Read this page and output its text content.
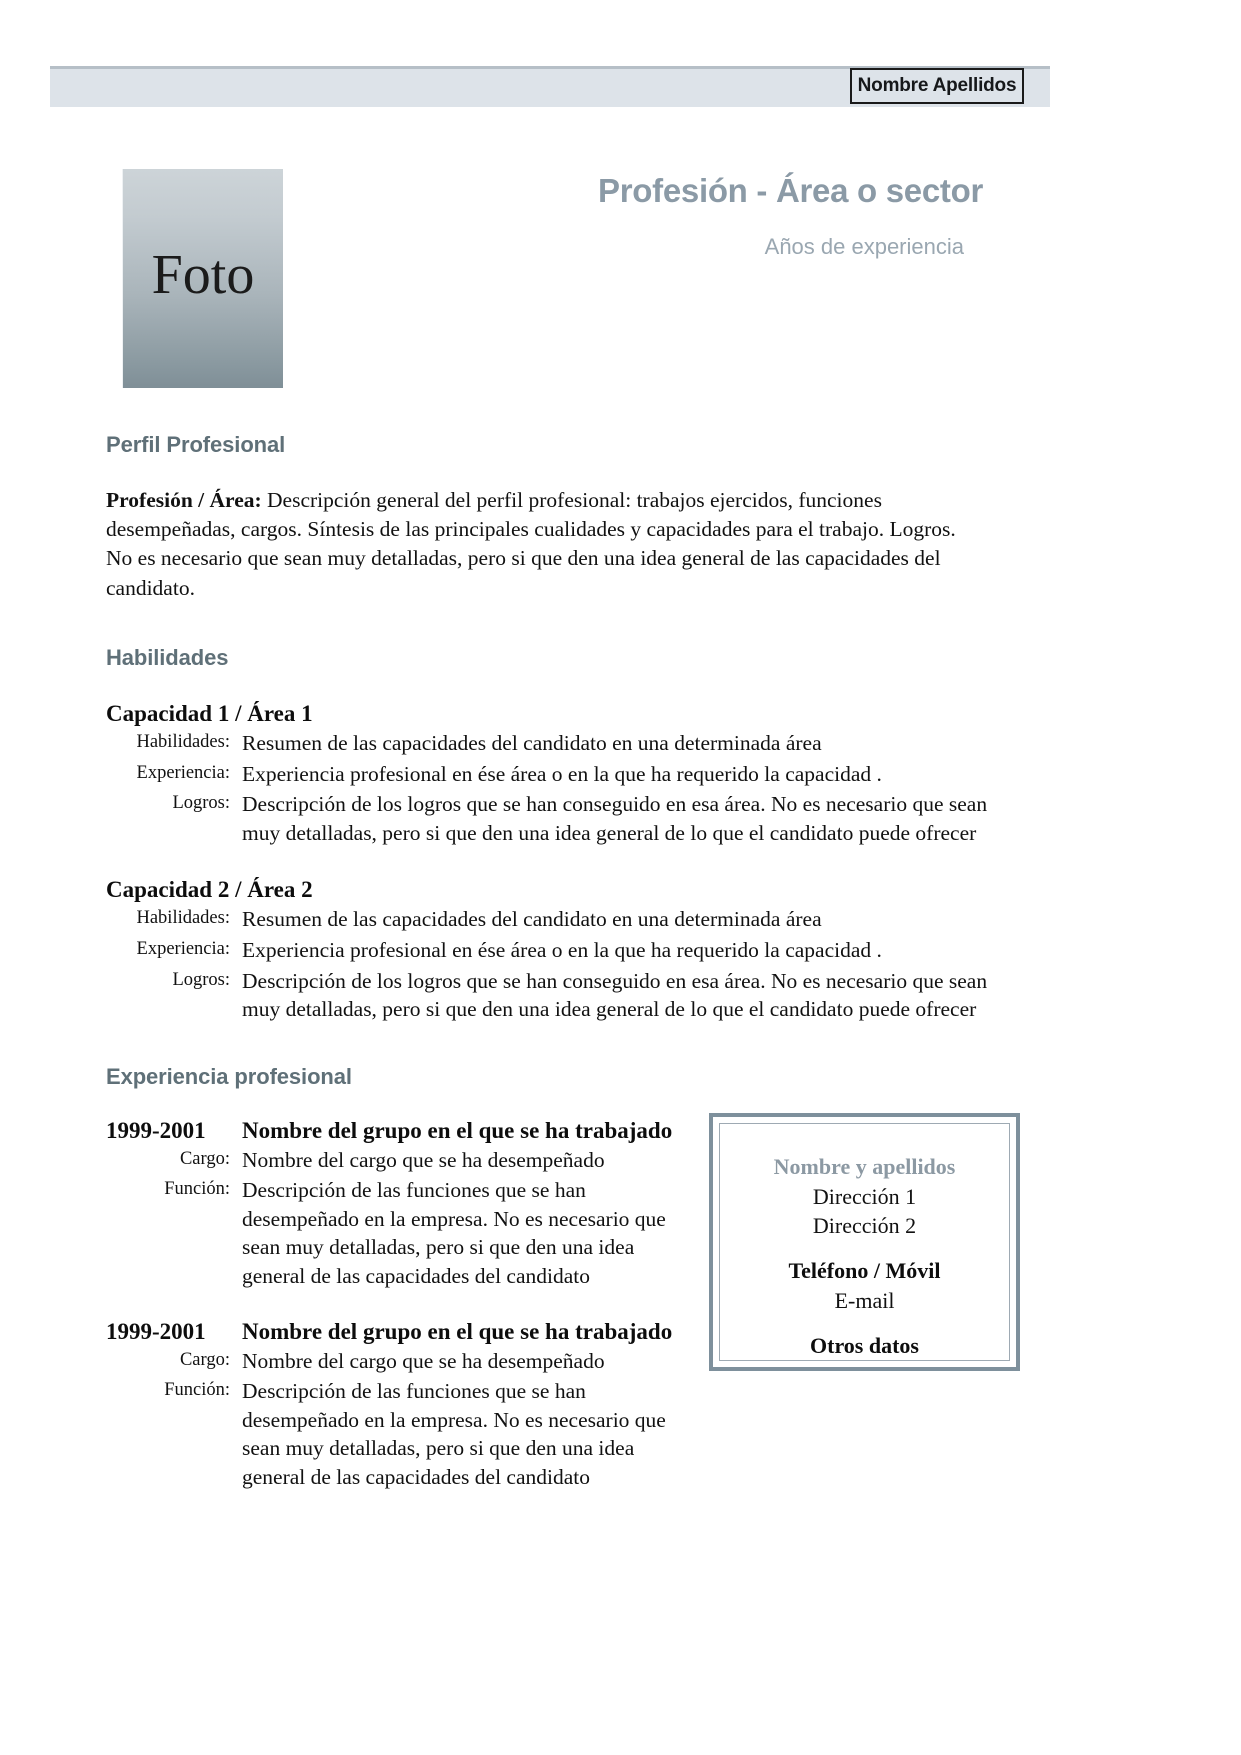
Nombre Apellidos
Foto
Profesión - Área o sector
Años de experiencia
Perfil Profesional
Profesión / Área: Descripción general del perfil profesional: trabajos ejercidos, funciones desempeñadas, cargos. Síntesis de las principales cualidades y capacidades para el trabajo. Logros. No es necesario que sean muy detalladas, pero si que den una idea general de las capacidades del candidato.
Habilidades
Capacidad 1 / Área 1
Habilidades: Resumen de las capacidades del candidato en una determinada área
Experiencia: Experiencia profesional en ése área o en la que ha requerido la capacidad .
Logros: Descripción de los logros que se han conseguido en esa área. No es necesario que sean muy detalladas, pero si que den una idea general de lo que el candidato puede ofrecer
Capacidad 2 / Área 2
Habilidades: Resumen de las capacidades del candidato en una determinada área
Experiencia: Experiencia profesional en ése área o en la que ha requerido la capacidad .
Logros: Descripción de los logros que se han conseguido en esa área. No es necesario que sean muy detalladas, pero si que den una idea general de lo que el candidato puede ofrecer
Experiencia profesional
1999-2001	Nombre del grupo en el que se ha trabajado
Cargo: Nombre del cargo que se ha desempeñado
Función: Descripción de las funciones que se han desempeñado en la empresa. No es necesario que sean muy detalladas, pero si que den una idea general de las capacidades del candidato
1999-2001	Nombre del grupo en el que se ha trabajado
Cargo: Nombre del cargo que se ha desempeñado
Función: Descripción de las funciones que se han desempeñado en la empresa. No es necesario que sean muy detalladas, pero si que den una idea general de las capacidades del candidato
Nombre y apellidos
Dirección 1
Dirección 2
Teléfono / Móvil
E-mail
Otros datos
